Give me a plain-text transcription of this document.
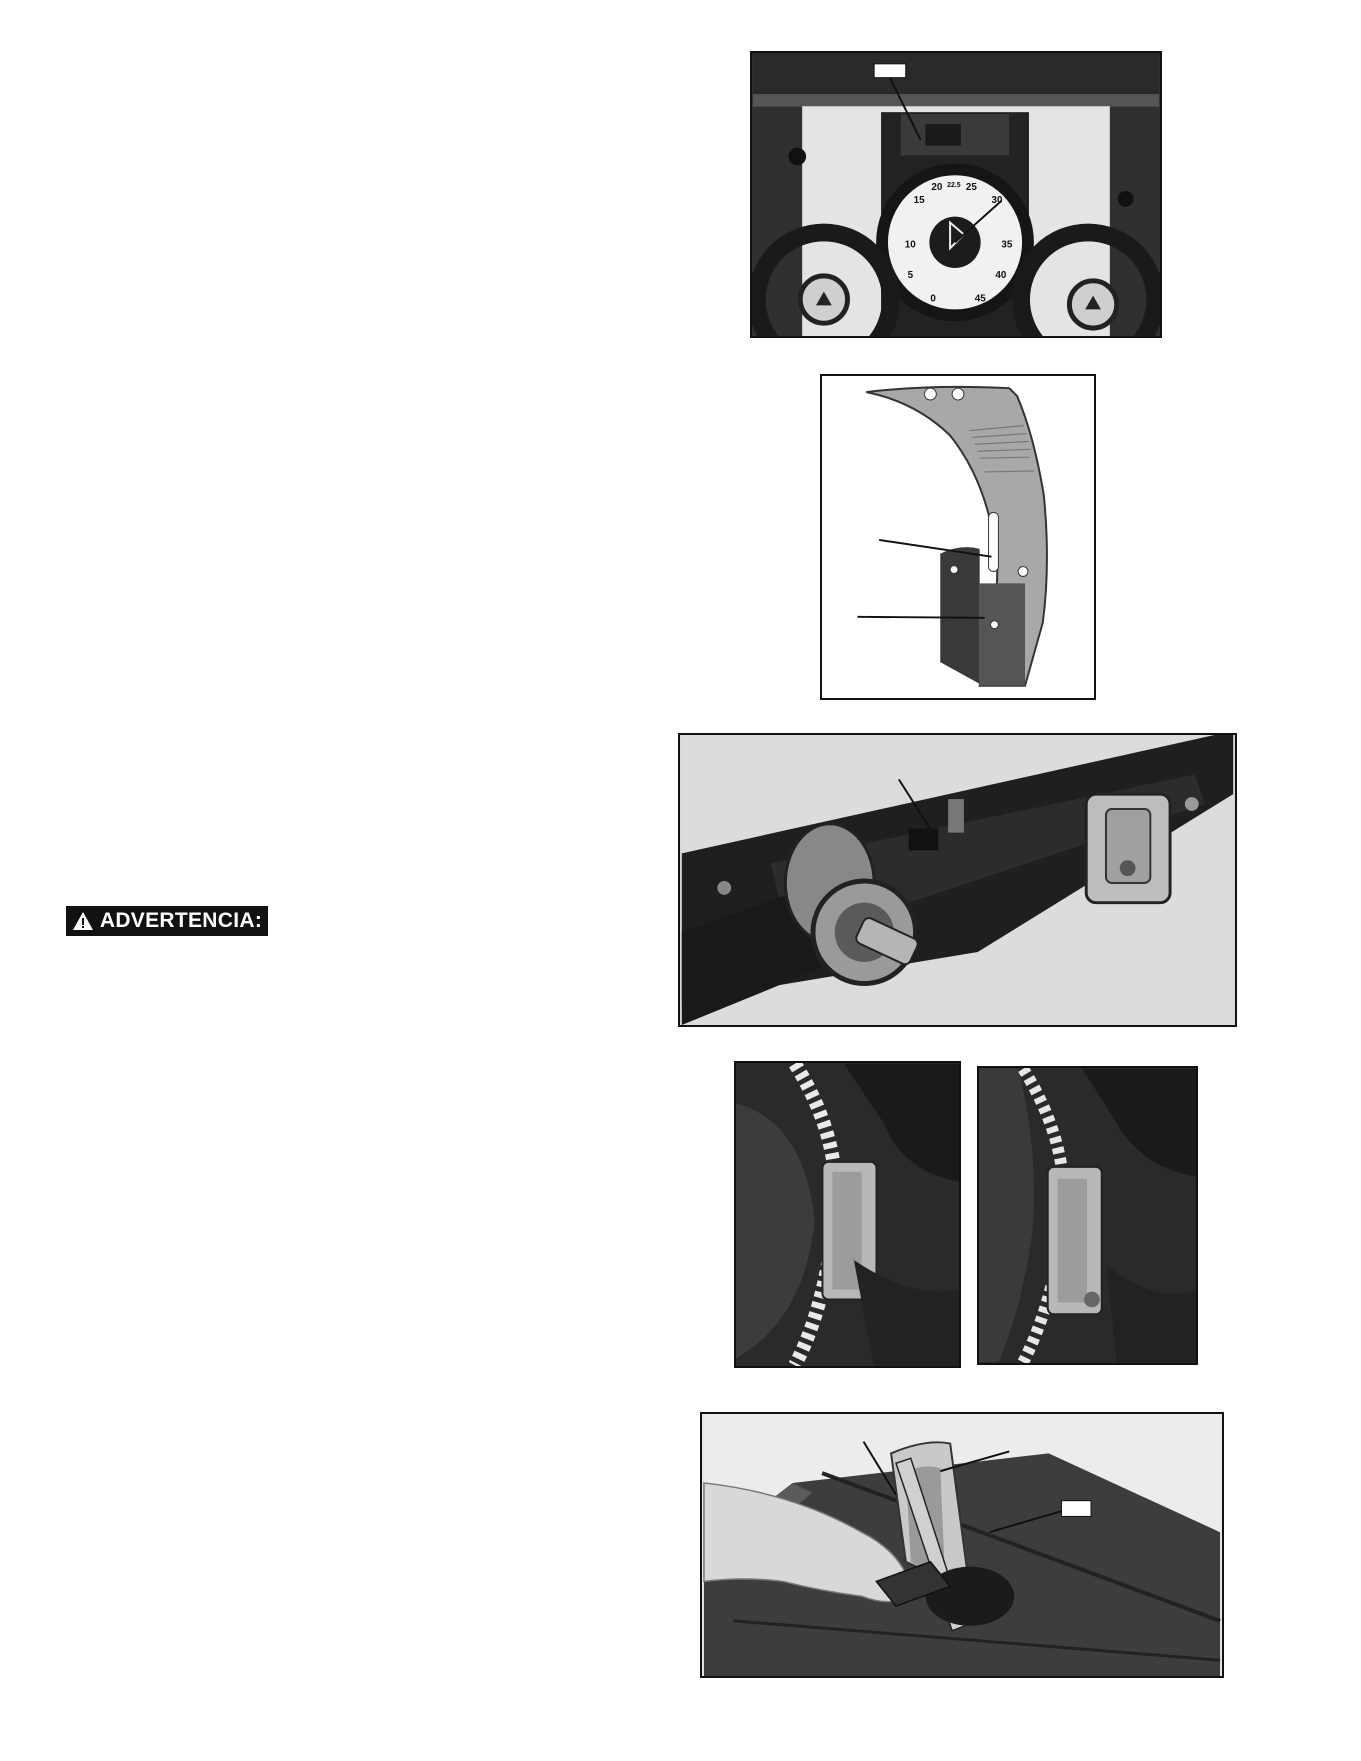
15
20 22.5 25
30
35
40
45
10
5
0
ADVERTENCIA:
